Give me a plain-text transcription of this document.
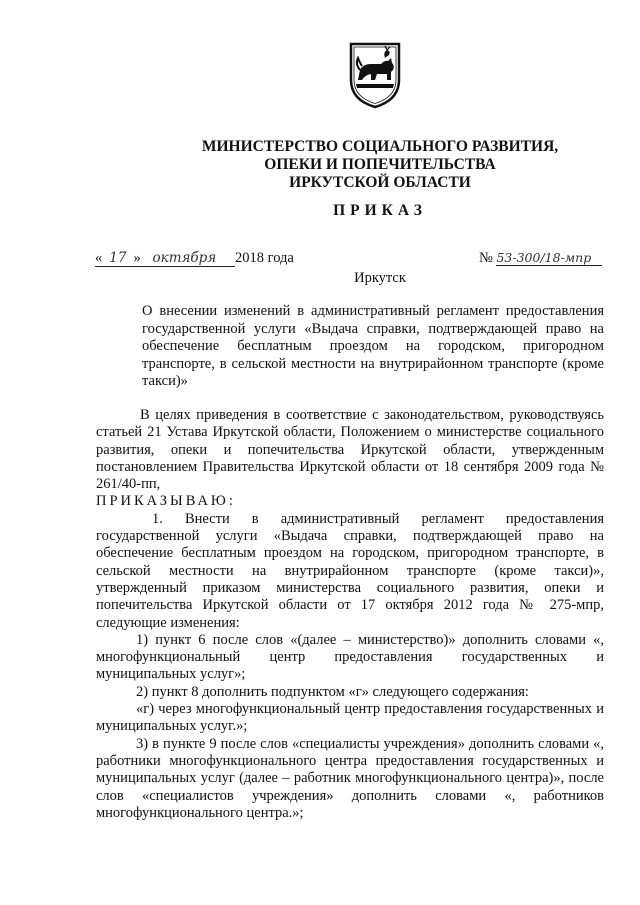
МИНИСТЕРСТВО СОЦИАЛЬНОГО РАЗВИТИЯ,
ОПЕКИ И ПОПЕЧИТЕЛЬСТВА
ИРКУТСКОЙ ОБЛАСТИ
ПРИКАЗ
« 17 » октября 2018 года	№ 53-300/18-мпр
Иркутск

О внесении изменений в административный регламент предоставления государственной услуги «Выдача справки, подтверждающей право на обеспечение бесплатным проездом на городском, пригородном транспорте, в сельской местности на внутрирайонном транспорте (кроме такси)»

В целях приведения в соответствие с законодательством, руководствуясь статьей 21 Устава Иркутской области, Положением о министерстве социального развития, опеки и попечительства Иркутской области, утвержденным постановлением Правительства Иркутской области от 18 сентября 2009 года № 261/40-пп,

ПРИКАЗЫВАЮ:

1. Внести в административный регламент предоставления государственной услуги «Выдача справки, подтверждающей право на обеспечение бесплатным проездом на городском, пригородном транспорте, в сельской местности на внутрирайонном транспорте (кроме такси)», утвержденный приказом министерства социального развития, опеки и попечительства Иркутской области от 17 октября 2012 года № 275-мпр, следующие изменения:

1) пункт 6 после слов «(далее – министерство)» дополнить словами «, многофункциональный центр предоставления государственных и муниципальных услуг»;

2) пункт 8 дополнить подпунктом «г» следующего содержания:

«г) через многофункциональный центр предоставления государственных и муниципальных услуг.»;

3) в пункте 9 после слов «специалисты учреждения» дополнить словами «, работники многофункционального центра предоставления государственных и муниципальных услуг (далее – работник многофункционального центра)», после слов «специалистов учреждения» дополнить словами «, работников многофункционального центра.»;
